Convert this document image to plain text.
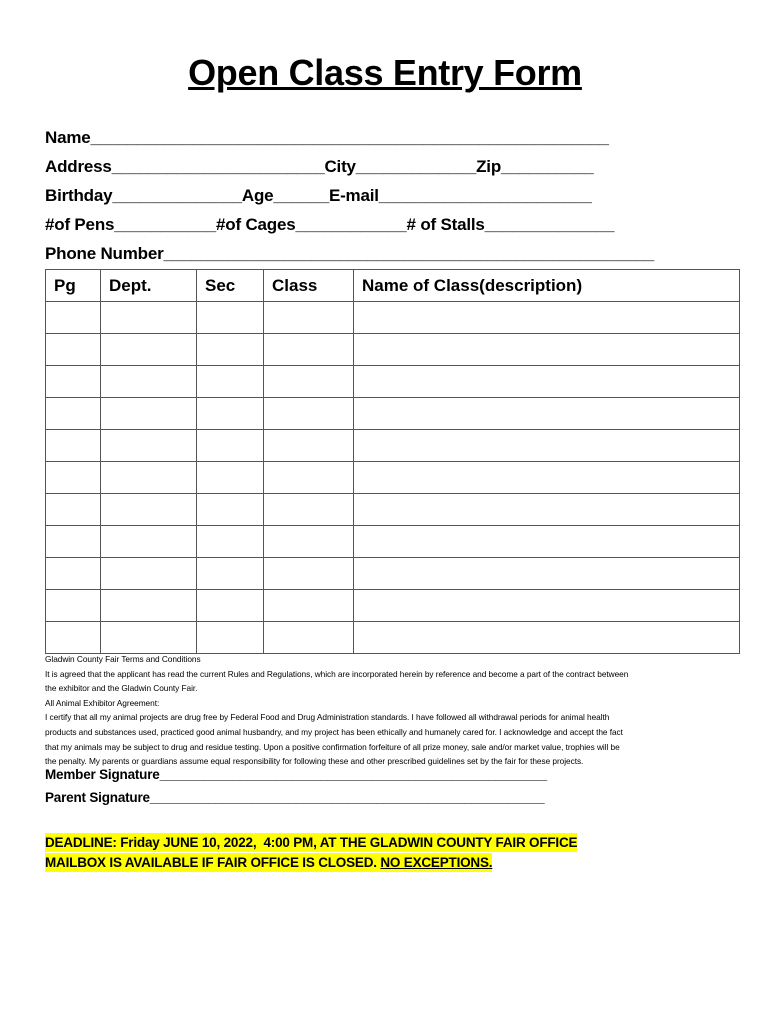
Open Class Entry Form
Name________________________________________________________
Address_______________________City_____________Zip__________
Birthday______________Age______E-mail_______________________
#of Pens___________#of Cages____________# of Stalls______________
Phone Number_____________________________________________________
Pg	Dept.	Sec	Class	Name of Class(description)

Gladwin County Fair Terms and Conditions
It is agreed that the applicant has read the current Rules and Regulations, which are incorporated herein by reference and become a part of the contract between
the exhibitor and the Gladwin County Fair.
All Animal Exhibitor Agreement:
I certify that all my animal projects are drug free by Federal Food and Drug Administration standards. I have followed all withdrawal periods for animal health
products and substances used, practiced good animal husbandry, and my project has been ethically and humanely cared for. I acknowledge and accept the fact
that my animals may be subject to drug and residue testing. Upon a positive confirmation forfeiture of all prize money, sale and/or market value, trophies will be
the penalty. My parents or guardians assume equal responsibility for following these and other prescribed guidelines set by the fair for these projects.
Member Signature_____________________________________________________
Parent Signature______________________________________________________
DEADLINE: Friday JUNE 10, 2022,  4:00 PM, AT THE GLADWIN COUNTY FAIR OFFICE
MAILBOX IS AVAILABLE IF FAIR OFFICE IS CLOSED. NO EXCEPTIONS.
